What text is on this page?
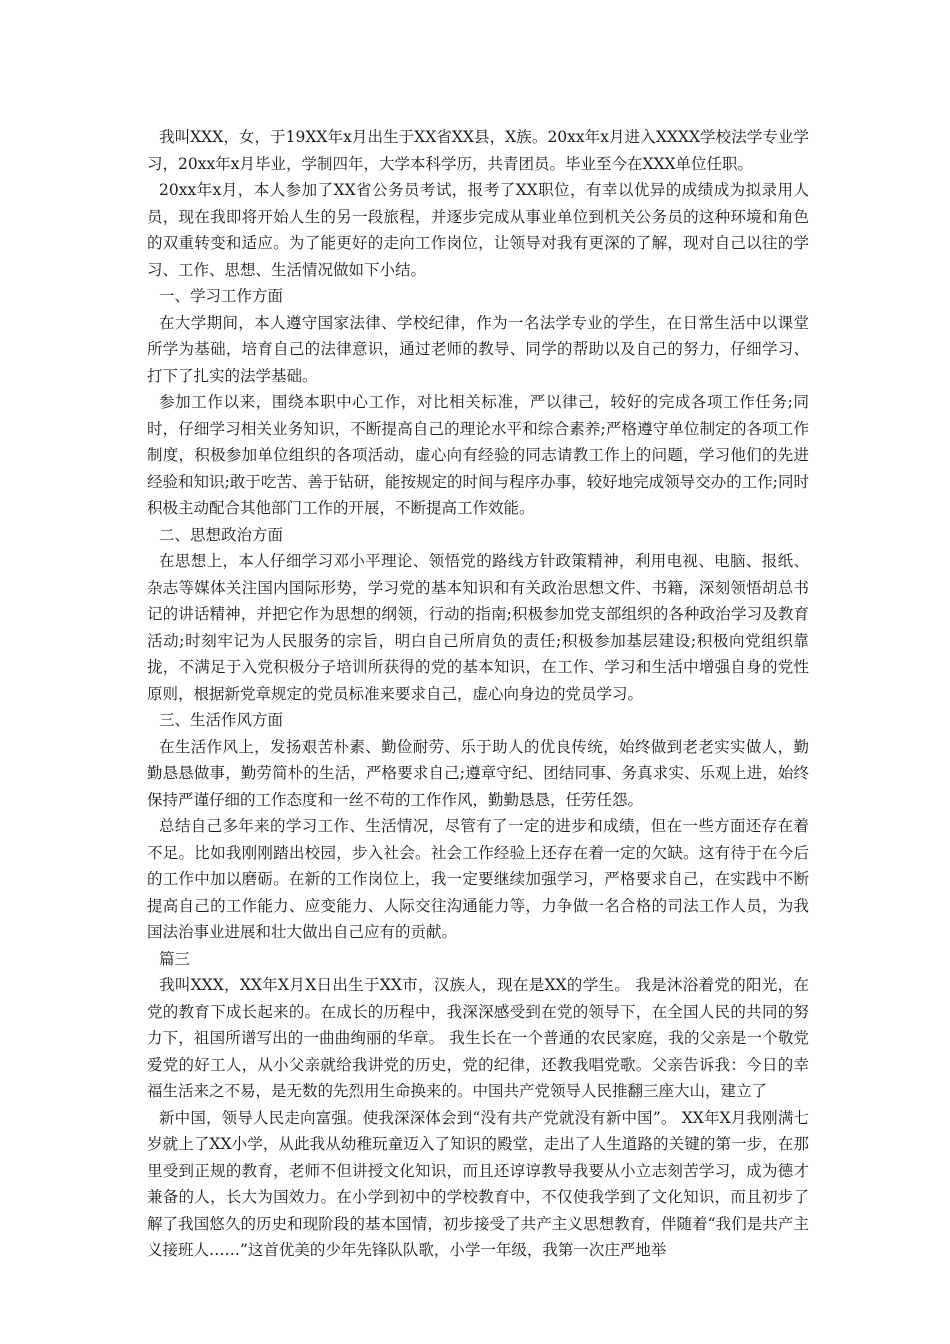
我叫XXX，女，于19XX年x月出生于XX省XX县，X族。20xx年x月进入XXXX学校法学专业学习，20xx年x月毕业，学制四年，大学本科学历，共青团员。毕业至今在XXX单位任职。

20xx年x月，本人参加了XX省公务员考试，报考了XX职位，有幸以优异的成绩成为拟录用人员，现在我即将开始人生的另一段旅程，并逐步完成从事业单位到机关公务员的这种环境和角色的双重转变和适应。为了能更好的走向工作岗位，让领导对我有更深的了解，现对自己以往的学习、工作、思想、生活情况做如下小结。

一、学习工作方面

在大学期间，本人遵守国家法律、学校纪律，作为一名法学专业的学生，在日常生活中以课堂所学为基础，培育自己的法律意识，通过老师的教导、同学的帮助以及自己的努力，仔细学习、打下了扎实的法学基础。

参加工作以来，围绕本职中心工作，对比相关标准，严以律己，较好的完成各项工作任务;同时，仔细学习相关业务知识，不断提高自己的理论水平和综合素养;严格遵守单位制定的各项工作制度，积极参加单位组织的各项活动，虚心向有经验的同志请教工作上的问题，学习他们的先进经验和知识;敢于吃苦、善于钻研，能按规定的时间与程序办事，较好地完成领导交办的工作;同时积极主动配合其他部门工作的开展，不断提高工作效能。

二、思想政治方面

在思想上，本人仔细学习邓小平理论、领悟党的路线方针政策精神，利用电视、电脑、报纸、杂志等媒体关注国内国际形势，学习党的基本知识和有关政治思想文件、书籍，深刻领悟胡总书记的讲话精神，并把它作为思想的纲领，行动的指南;积极参加党支部组织的各种政治学习及教育活动;时刻牢记为人民服务的宗旨，明白自己所肩负的责任;积极参加基层建设;积极向党组织靠拢，不满足于入党积极分子培训所获得的党的基本知识，在工作、学习和生活中增强自身的党性原则，根据新党章规定的党员标准来要求自己，虚心向身边的党员学习。

三、生活作风方面

在生活作风上，发扬艰苦朴素、勤俭耐劳、乐于助人的优良传统，始终做到老老实实做人，勤勤恳恳做事，勤劳简朴的生活，严格要求自己;遵章守纪、团结同事、务真求实、乐观上进，始终保持严谨仔细的工作态度和一丝不苟的工作作风，勤勤恳恳，任劳任怨。

总结自己多年来的学习工作、生活情况，尽管有了一定的进步和成绩，但在一些方面还存在着不足。比如我刚刚踏出校园，步入社会。社会工作经验上还存在着一定的欠缺。这有待于在今后的工作中加以磨砺。在新的工作岗位上，我一定要继续加强学习，严格要求自己，在实践中不断提高自己的工作能力、应变能力、人际交往沟通能力等，力争做一名合格的司法工作人员，为我国法治事业进展和壮大做出自己应有的贡献。

篇三

我叫XXX，XX年X月X日出生于XX市，汉族人，现在是XX的学生。 我是沐浴着党的阳光，在党的教育下成长起来的。在成长的历程中，我深深感受到在党的领导下，在全国人民的共同的努力下，祖国所谱写出的一曲曲绚丽的华章。 我生长在一个普通的农民家庭，我的父亲是一个敬党爱党的好工人，从小父亲就给我讲党的历史，党的纪律，还教我唱党歌。父亲告诉我：今日的幸福生活来之不易，是无数的先烈用生命换来的。中国共产党领导人民推翻三座大山，建立了

新中国，领导人民走向富强。使我深深体会到“没有共产党就没有新中国”。 XX年X月我刚满七岁就上了XX小学，从此我从幼稚玩童迈入了知识的殿堂，走出了人生道路的关键的第一步，在那里受到正规的教育，老师不但讲授文化知识，而且还谆谆教导我要从小立志刻苦学习，成为德才兼备的人，长大为国效力。在小学到初中的学校教育中，不仅使我学到了文化知识，而且初步了解了我国悠久的历史和现阶段的基本国情，初步接受了共产主义思想教育，伴随着“我们是共产主义接班人……”这首优美的少年先锋队队歌，小学一年级，我第一次庄严地举
